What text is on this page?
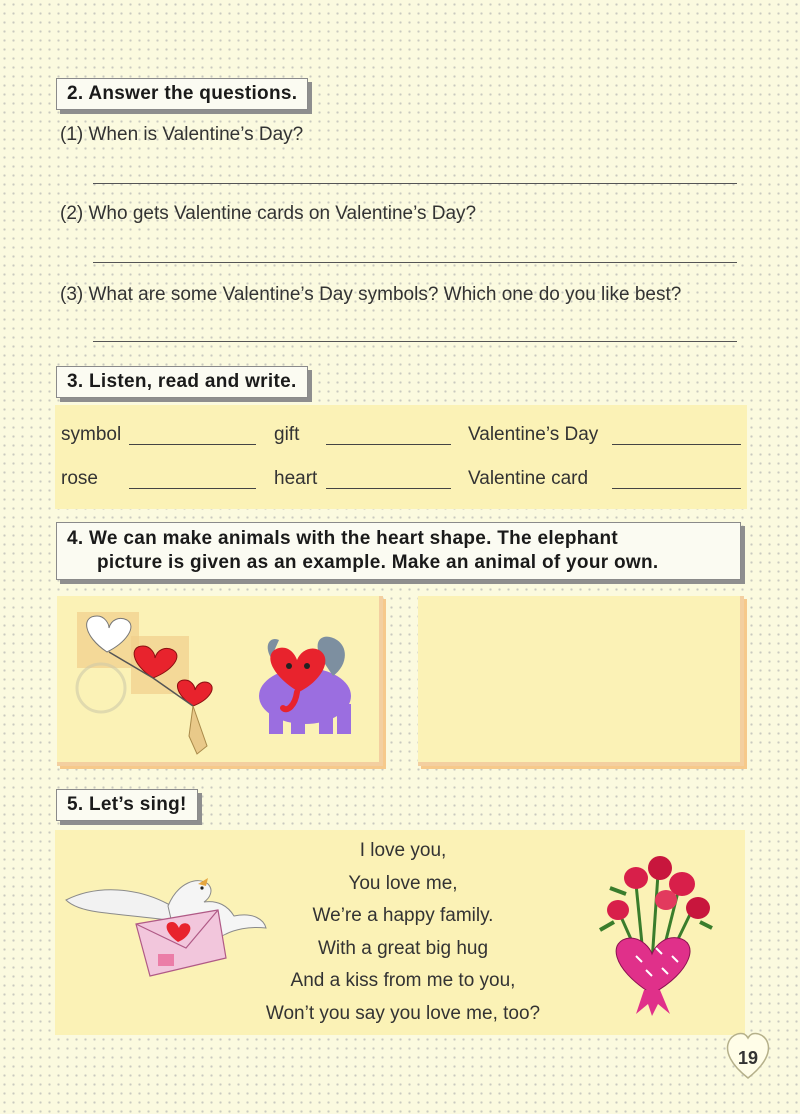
2. Answer the questions.
(1) When is Valentine’s Day?
(2) Who gets Valentine cards on Valentine’s Day?
(3) What are some Valentine’s Day symbols? Which one do you like best?
3. Listen, read and write.
symbol	gift	Valentine’s Day
rose	heart	Valentine card
4. We can make animals with the heart shape. The elephant
picture is given as an example. Make an animal of your own.
5. Let’s sing!
I love you,
You love me,
We’re a happy family.
With a great big hug
And a kiss from me to you,
Won’t you say you love me, too?
19
